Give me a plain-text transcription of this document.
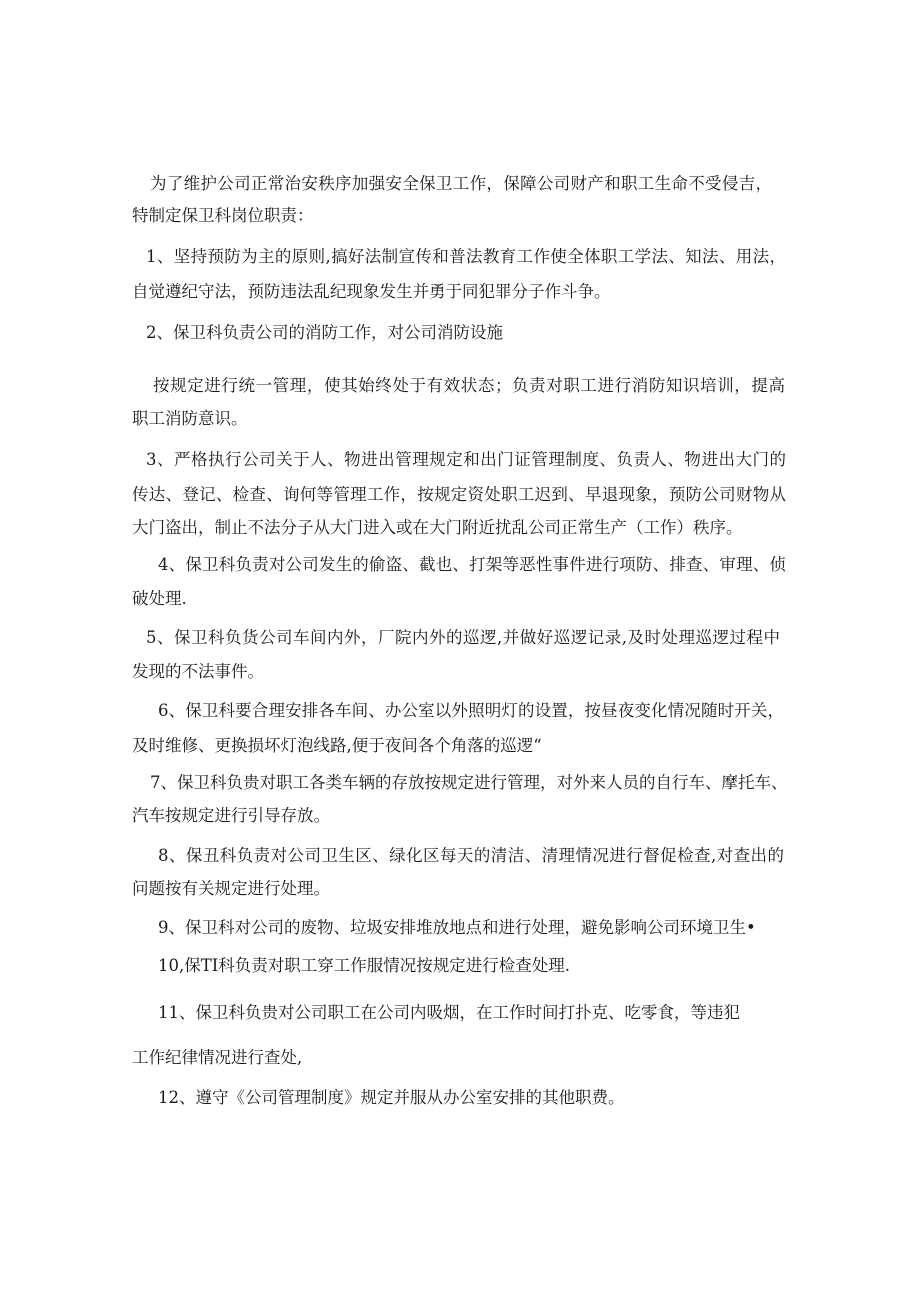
为了维护公司正常治安秩序加强安全保卫工作，保障公司财产和职工生命不受侵吉，
特制定保卫科岗位职责：
1、坚持预防为主的原则,搞好法制宣传和普法教育工作使全体职工学法、知法、用法，
自觉遵纪守法，预防违法乱纪现象发生并勇于同犯罪分子作斗争。
2、保卫科负责公司的消防工作，对公司消防设施
按规定进行统一管理，使其始终处于有效状态；负责对职工进行消防知识培训，提高
职工消防意识。
3、严格执行公司关于人、物进出管理规定和出门证管理制度、负责人、物进出大门的
传达、登记、检查、询何等管理工作，按规定资处职工迟到、早退现象，预防公司财物从
大门盗出，制止不法分子从大门进入或在大门附近扰乱公司正常生产（工作）秩序。
4、保卫科负责对公司发生的偷盗、截也、打架等恶性事件进行项防、排查、审理、侦
破处理.
5、保卫科负货公司车间内外，厂院内外的巡逻,并做好巡逻记录,及时处理巡逻过程中
发现的不法事件。
6、保卫科要合理安排各车间、办公室以外照明灯的设置，按昼夜变化情况随时开关，
及时维修、更换损坏灯泡线路,便于夜间各个角落的巡逻“
7、保卫科负贵对职工各类车辆的存放按规定进行管理，对外来人员的自行车、摩托车、
汽车按规定进行引导存放。
8、保丑科负责对公司卫生区、绿化区每天的清洁、清理情况进行督促检查,对查出的
问题按有关规定进行处理。
9、保卫科对公司的废物、垃圾安排堆放地点和进行处理，避免影响公司环境卫生•
10,保TI科负责对职工穿工作服情况按规定进行检查处理.
11、保卫科负贵对公司职工在公司内吸烟，在工作时间打扑克、吃零食，等违犯
工作纪律情况进行查处,
12、遵守《公司管理制度》规定并服从办公室安排的其他职费。
